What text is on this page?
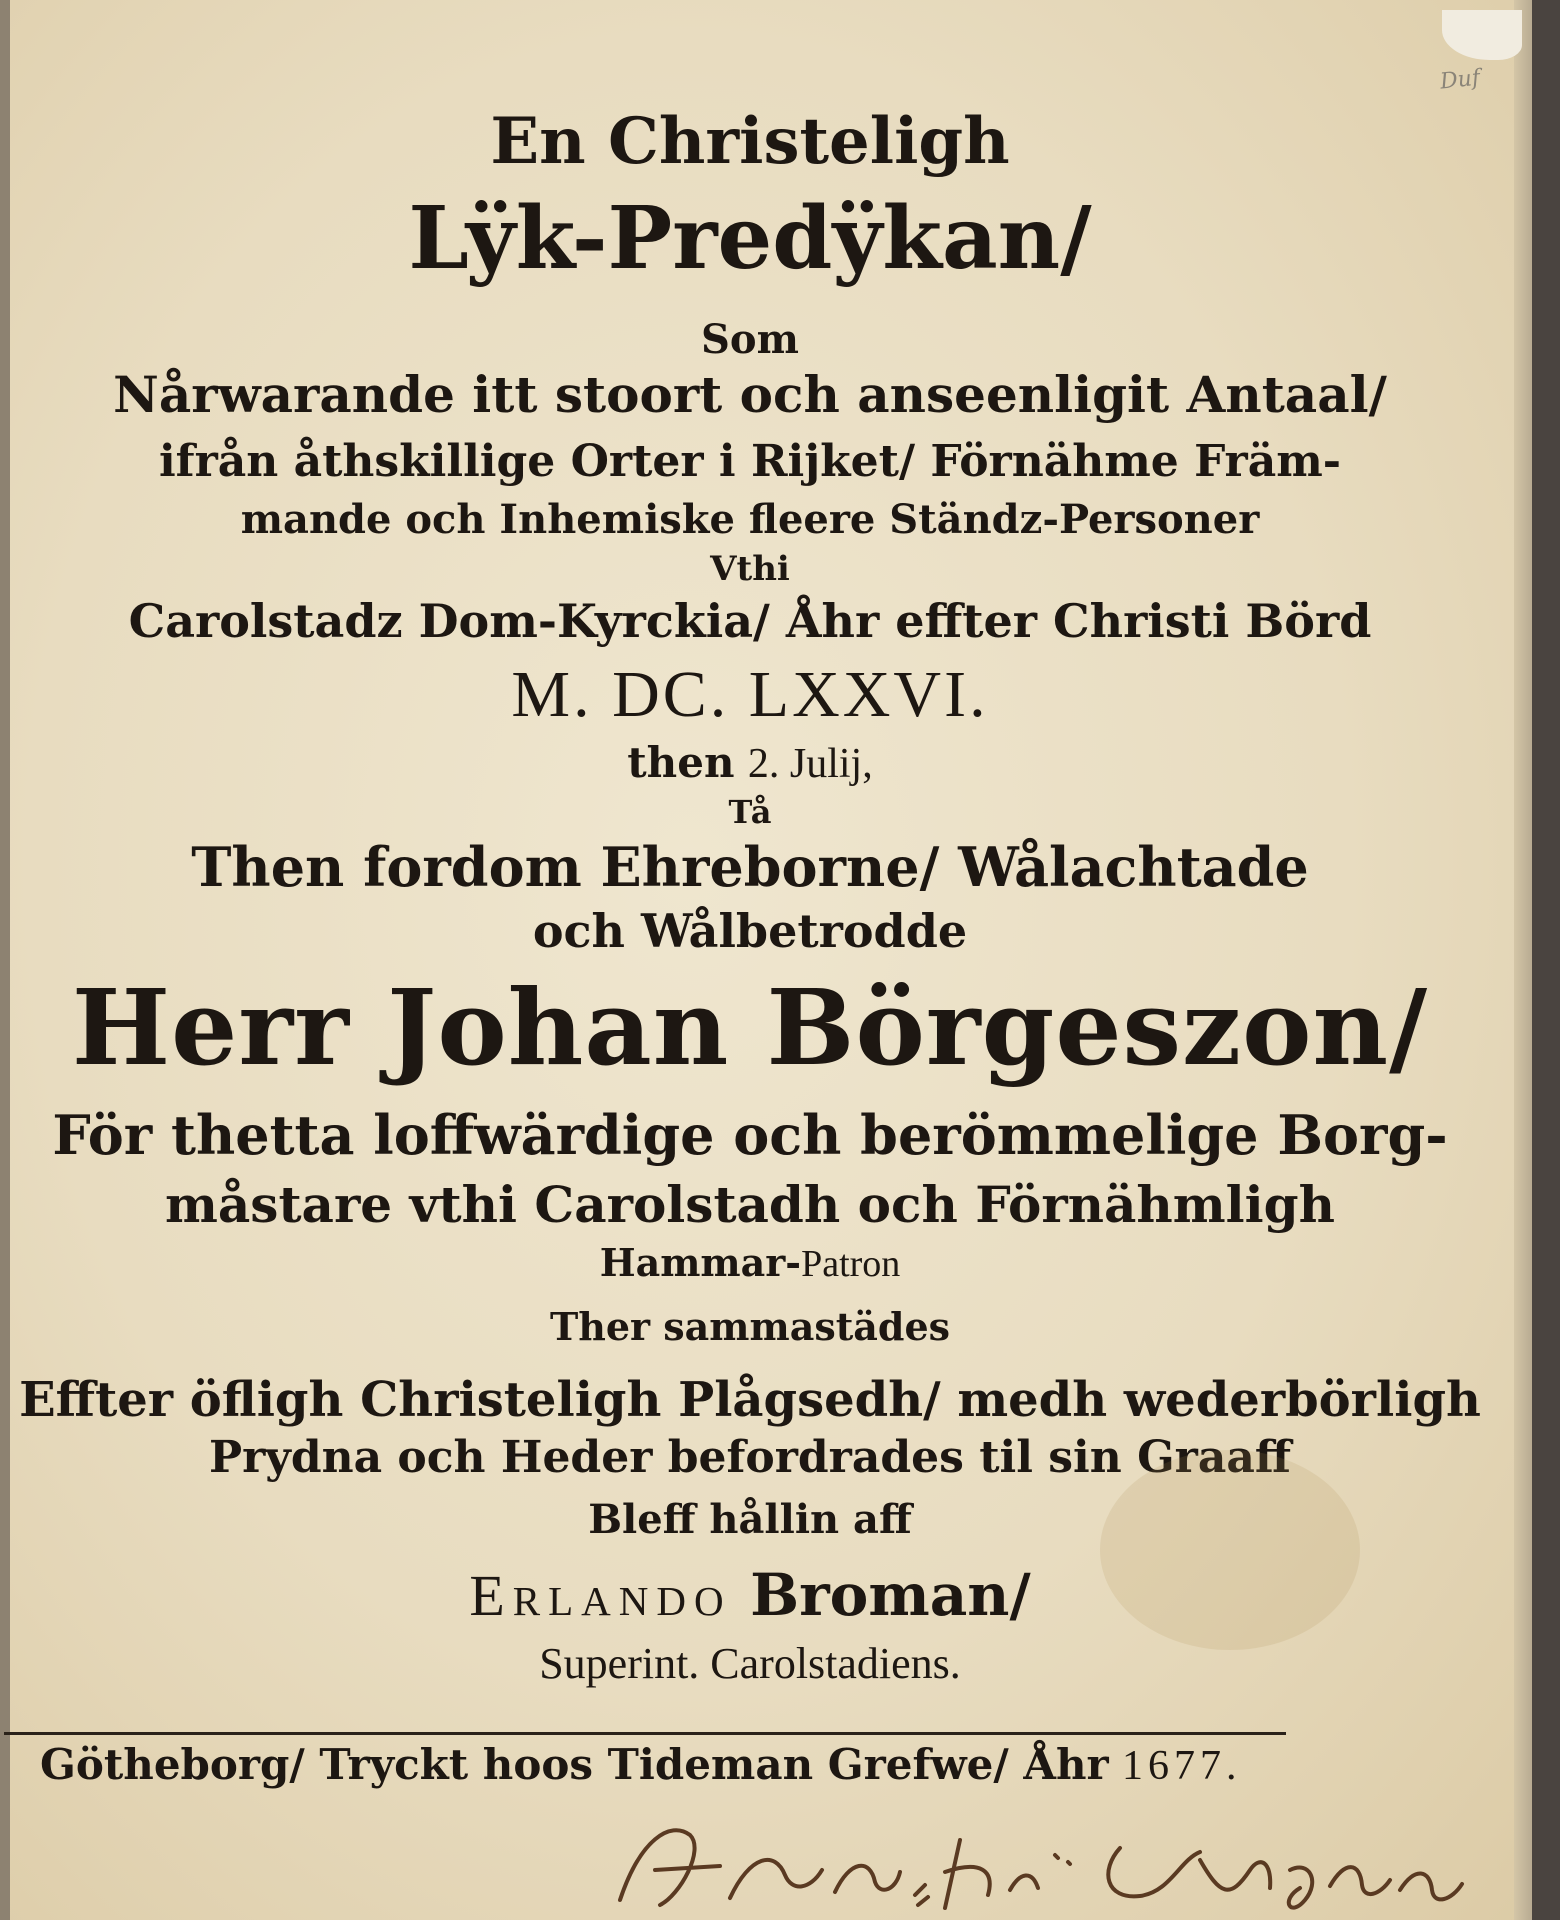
Duf
En Christeligh
Lÿk-Predÿkan/
Som
Nårwarande itt stoort och anseenligit Antaal/
ifrån åthskillige Orter i Rijket/ Förnähme Främ-
mande och Inhemiske fleere Ständz-Personer
Vthi
Carolstadz Dom-Kyrckia/ Åhr effter Christi Börd
M. DC. LXXVI.
then 2. Julij,
Tå
Then fordom Ehreborne/ Wålachtade
och Wålbetrodde
Herr Johan Börgeszon/
För thetta loffwärdige och berömmelige Borg-
måstare vthi Carolstadh och Förnähmligh
Hammar-Patron
Ther sammastädes
Effter öfligh Christeligh Plågsedh/ medh wederbörligh
Prydna och Heder befordrades til sin Graaff
Bleff hållin aff
Erlando Broman/
Superint. Carolstadiens.
Götheborg/ Tryckt hoos Tideman Grefwe/ Åhr 1677.
